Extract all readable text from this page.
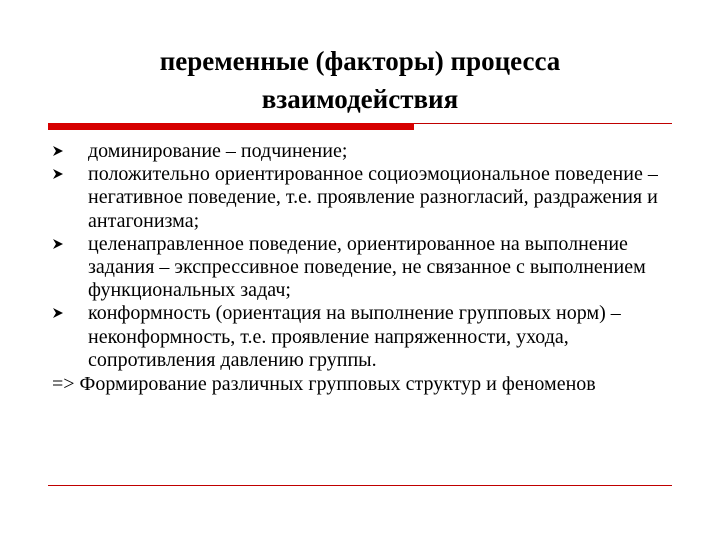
переменные (факторы) процесса
взаимодействия
доминирование – подчинение;
положительно ориентированное социоэмоциональное поведение – негативное поведение, т.е. проявление разногласий, раздражения и антагонизма;
целенаправленное поведение, ориентированное на выполнение задания – экспрессивное поведение, не связанное с выполнением функциональных задач;
конформность (ориентация на выполнение групповых норм) – неконформность, т.е. проявление напряженности, ухода, сопротивления давлению группы.
=> Формирование различных групповых структур и феноменов
